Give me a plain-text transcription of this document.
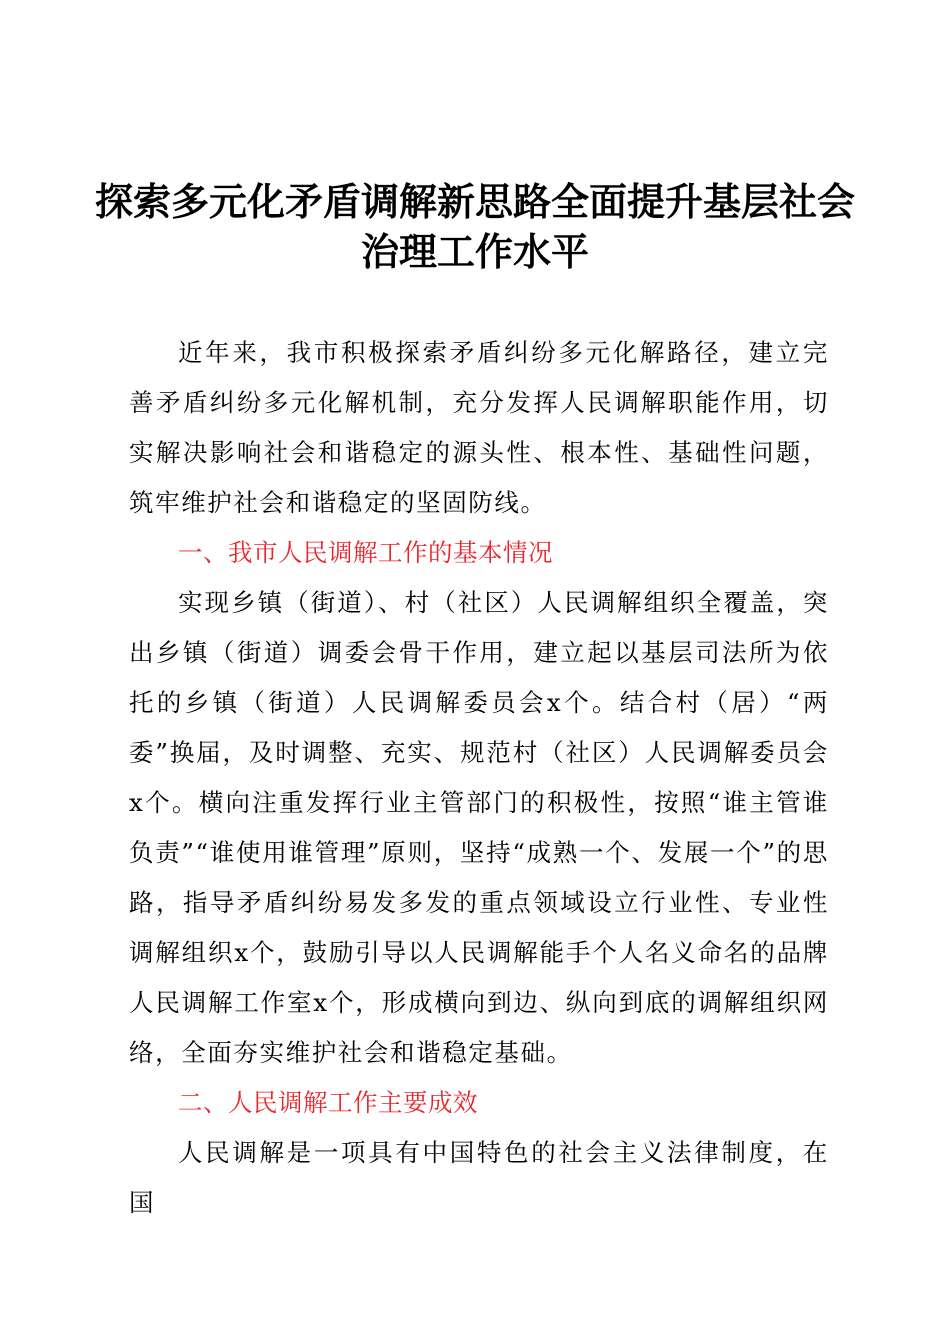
探索多元化矛盾调解新思路全面提升基层社会
治理工作水平

近年来，我市积极探索矛盾纠纷多元化解路径，建立完善矛盾纠纷多元化解机制，充分发挥人民调解职能作用，切实解决影响社会和谐稳定的源头性、根本性、基础性问题，筑牢维护社会和谐稳定的坚固防线。

一、我市人民调解工作的基本情况

实现乡镇（街道）、村（社区）人民调解组织全覆盖，突出乡镇（街道）调委会骨干作用，建立起以基层司法所为依托的乡镇（街道）人民调解委员会x个。结合村（居）“两委”换届，及时调整、充实、规范村（社区）人民调解委员会x个。横向注重发挥行业主管部门的积极性，按照“谁主管谁负责”“谁使用谁管理”原则，坚持“成熟一个、发展一个”的思路，指导矛盾纠纷易发多发的重点领域设立行业性、专业性调解组织x个，鼓励引导以人民调解能手个人名义命名的品牌人民调解工作室x个，形成横向到边、纵向到底的调解组织网络，全面夯实维护社会和谐稳定基础。

二、人民调解工作主要成效

人民调解是一项具有中国特色的社会主义法律制度，在国
